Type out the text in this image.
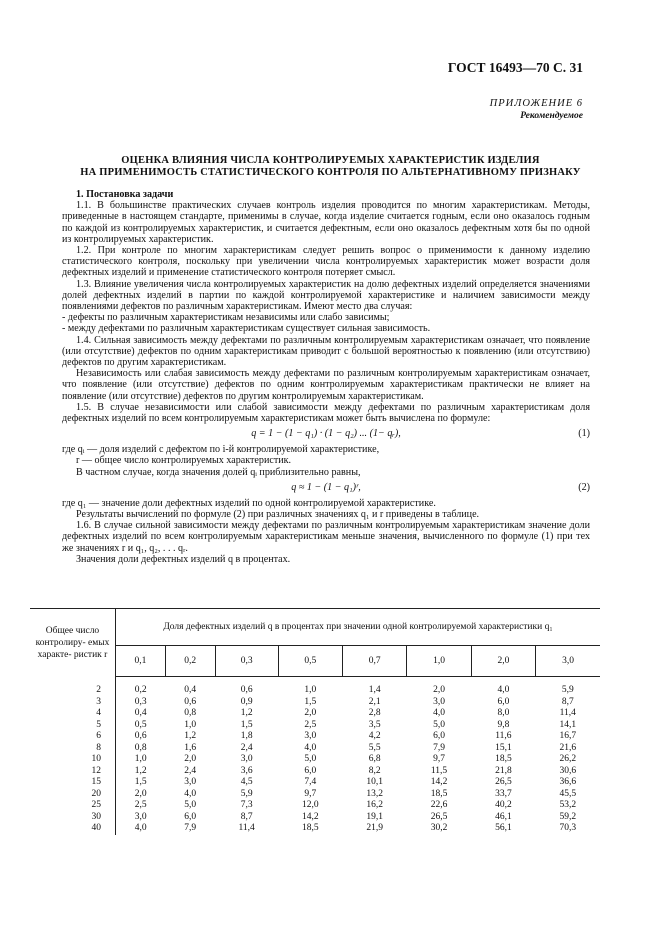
ГОСТ 16493—70 С. 31
ПРИЛОЖЕНИЕ 6
Рекомендуемое
ОЦЕНКА ВЛИЯНИЯ ЧИСЛА КОНТРОЛИРУЕМЫХ ХАРАКТЕРИСТИК ИЗДЕЛИЯ
НА ПРИМЕНИМОСТЬ СТАТИСТИЧЕСКОГО КОНТРОЛЯ ПО АЛЬТЕРНАТИВНОМУ ПРИЗНАКУ

1. Постановка задачи

1.1. В большинстве практических случаев контроль изделия проводится по многим характеристикам. Методы, приведенные в настоящем стандарте, применимы в случае, когда изделие считается годным, если оно оказалось годным по каждой из контролируемых характеристик, и считается дефектным, если оно оказалось дефектным хотя бы по одной из контролируемых характеристик.

1.2. При контроле по многим характеристикам следует решить вопрос о применимости к данному изделию статистического контроля, поскольку при увеличении числа контролируемых характеристик может возрасти доля дефектных изделий и применение статистического контроля потеряет смысл.

1.3. Влияние увеличения числа контролируемых характеристик на долю дефектных изделий определяется значениями долей дефектных изделий в партии по каждой контролируемой характеристике и наличием зависимости между появлениями дефектов по различным характеристикам. Имеют место два случая:

- дефекты по различным характеристикам независимы или слабо зависимы;

- между дефектами по различным характеристикам существует сильная зависимость.

1.4. Сильная зависимость между дефектами по различным контролируемым характеристикам означает, что появление (или отсутствие) дефектов по одним характеристикам приводит с большой вероятностью к появлению (или отсутствию) дефектов по другим характеристикам.

Независимость или слабая зависимость между дефектами по различным контролируемым характеристикам означает, что появление (или отсутствие) дефектов по одним контролируемым характеристикам практически не влияет на появление (или отсутствие) дефектов по другим контролируемым характеристикам.

1.5. В случае независимости или слабой зависимости между дефектами по различным характеристикам доля дефектных изделий по всем контролируемым характеристикам может быть вычислена по формуле:

q = 1 − (1 − q₁) · (1 − q₂) ... (1− qᵣ),	(1)

где qᵢ — доля изделий с дефектом по i-й контролируемой характеристике,

r — общее число контролируемых характеристик.

В частном случае, когда значения долей qᵢ приблизительно равны,

q ≈ 1 − (1 − q₁)ʳ,	(2)

где q₁ — значение доли дефектных изделий по одной контролируемой характеристике.

Результаты вычислений по формуле (2) при различных значениях q₁ и r приведены в таблице.

1.6. В случае сильной зависимости между дефектами по различным контролируемым характеристикам значение доли дефектных изделий по всем контролируемым характеристикам меньше значения, вычисленного по формуле (1) при тех же значениях r и q₁, q₂, . . . qᵣ.

Значения доли дефектных изделий q в процентах.

Общее число контролиру- емых характе- ристик r	Доля дефектных изделий q в процентах при значении одной контролируемой характеристики q₁							
	0,1	0,2	0,3	0,5	0,7	1,0	2,0	3,0
2	0,2	0,4	0,6	1,0	1,4	2,0	4,0	5,9
3	0,3	0,6	0,9	1,5	2,1	3,0	6,0	8,7
4	0,4	0,8	1,2	2,0	2,8	4,0	8,0	11,4
5	0,5	1,0	1,5	2,5	3,5	5,0	9,8	14,1
6	0,6	1,2	1,8	3,0	4,2	6,0	11,6	16,7
8	0,8	1,6	2,4	4,0	5,5	7,9	15,1	21,6
10	1,0	2,0	3,0	5,0	6,8	9,7	18,5	26,2
12	1,2	2,4	3,6	6,0	8,2	11,5	21,8	30,6
15	1,5	3,0	4,5	7,4	10,1	14,2	26,5	36,6
20	2,0	4,0	5,9	9,7	13,2	18,5	33,7	45,5
25	2,5	5,0	7,3	12,0	16,2	22,6	40,2	53,2
30	3,0	6,0	8,7	14,2	19,1	26,5	46,1	59,2
40	4,0	7,9	11,4	18,5	21,9	30,2	56,1	70,3
